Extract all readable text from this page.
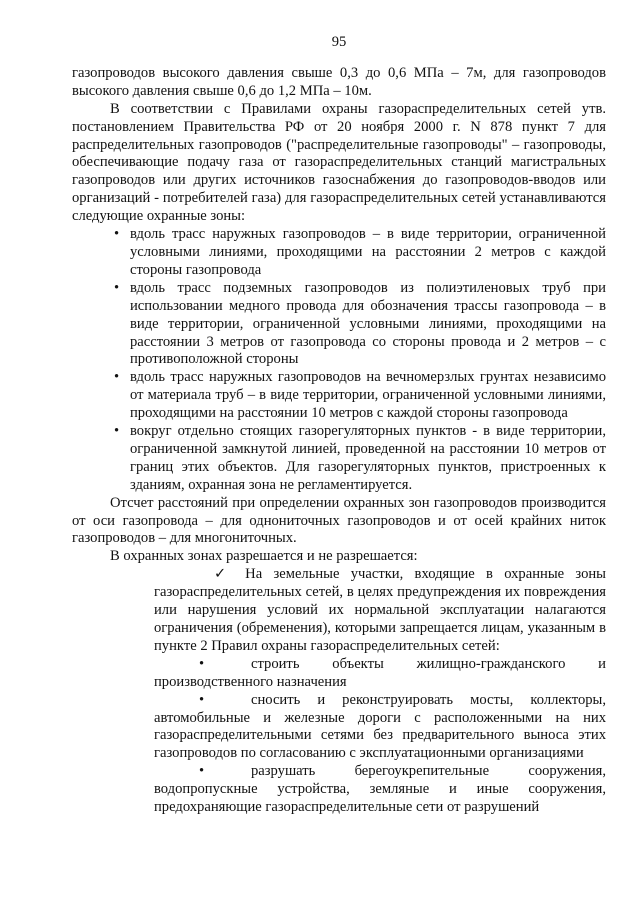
95

газопроводов высокого давления свыше 0,3 до 0,6 МПа – 7м, для газопроводов высокого давления свыше 0,6 до 1,2 МПа – 10м.

В соответствии с Правилами охраны газораспределительных сетей утв. постановлением Правительства РФ от 20 ноября 2000 г. N 878 пункт 7 для распределительных газопроводов ("распределительные газопроводы" – газопроводы, обеспечивающие подачу газа от газораспределительных станций магистральных газопроводов или других источников газоснабжения до газопроводов-вводов или организаций - потребителей газа) для газораспределительных сетей устанавливаются следующие охранные зоны:

• вдоль трасс наружных газопроводов – в виде территории, ограниченной условными линиями, проходящими на расстоянии 2 метров с каждой стороны газопровода
• вдоль трасс подземных газопроводов из полиэтиленовых труб при использовании медного провода для обозначения трассы газопровода – в виде территории, ограниченной условными линиями, проходящими на расстоянии 3 метров от газопровода со стороны провода и 2 метров – с противоположной стороны
• вдоль трасс наружных газопроводов на вечномерзлых грунтах независимо от материала труб – в виде территории, ограниченной условными линиями, проходящими на расстоянии 10 метров с каждой стороны газопровода
• вокруг отдельно стоящих газорегуляторных пунктов - в виде территории, ограниченной замкнутой линией, проведенной на расстоянии 10 метров от границ этих объектов. Для газорегуляторных пунктов, пристроенных к зданиям, охранная зона не регламентируется.

Отсчет расстояний при определении охранных зон газопроводов производится от оси газопровода – для однониточных газопроводов и от осей крайних ниток газопроводов – для многониточных.

В охранных зонах разрешается и не разрешается:

✓ На земельные участки, входящие в охранные зоны газораспределительных сетей, в целях предупреждения их повреждения или нарушения условий их нормальной эксплуатации налагаются ограничения (обременения), которыми запрещается лицам, указанным в пункте 2 Правил охраны газораспределительных сетей:

•	строить объекты жилищно-гражданского и производственного назначения

•	сносить и реконструировать мосты, коллекторы, автомобильные и железные дороги с расположенными на них газораспределительными сетями без предварительного выноса этих газопроводов по согласованию с эксплуатационными организациями

•	разрушать берегоукрепительные сооружения, водопропускные устройства, земляные и иные сооружения, предохраняющие газораспределительные сети от разрушений
